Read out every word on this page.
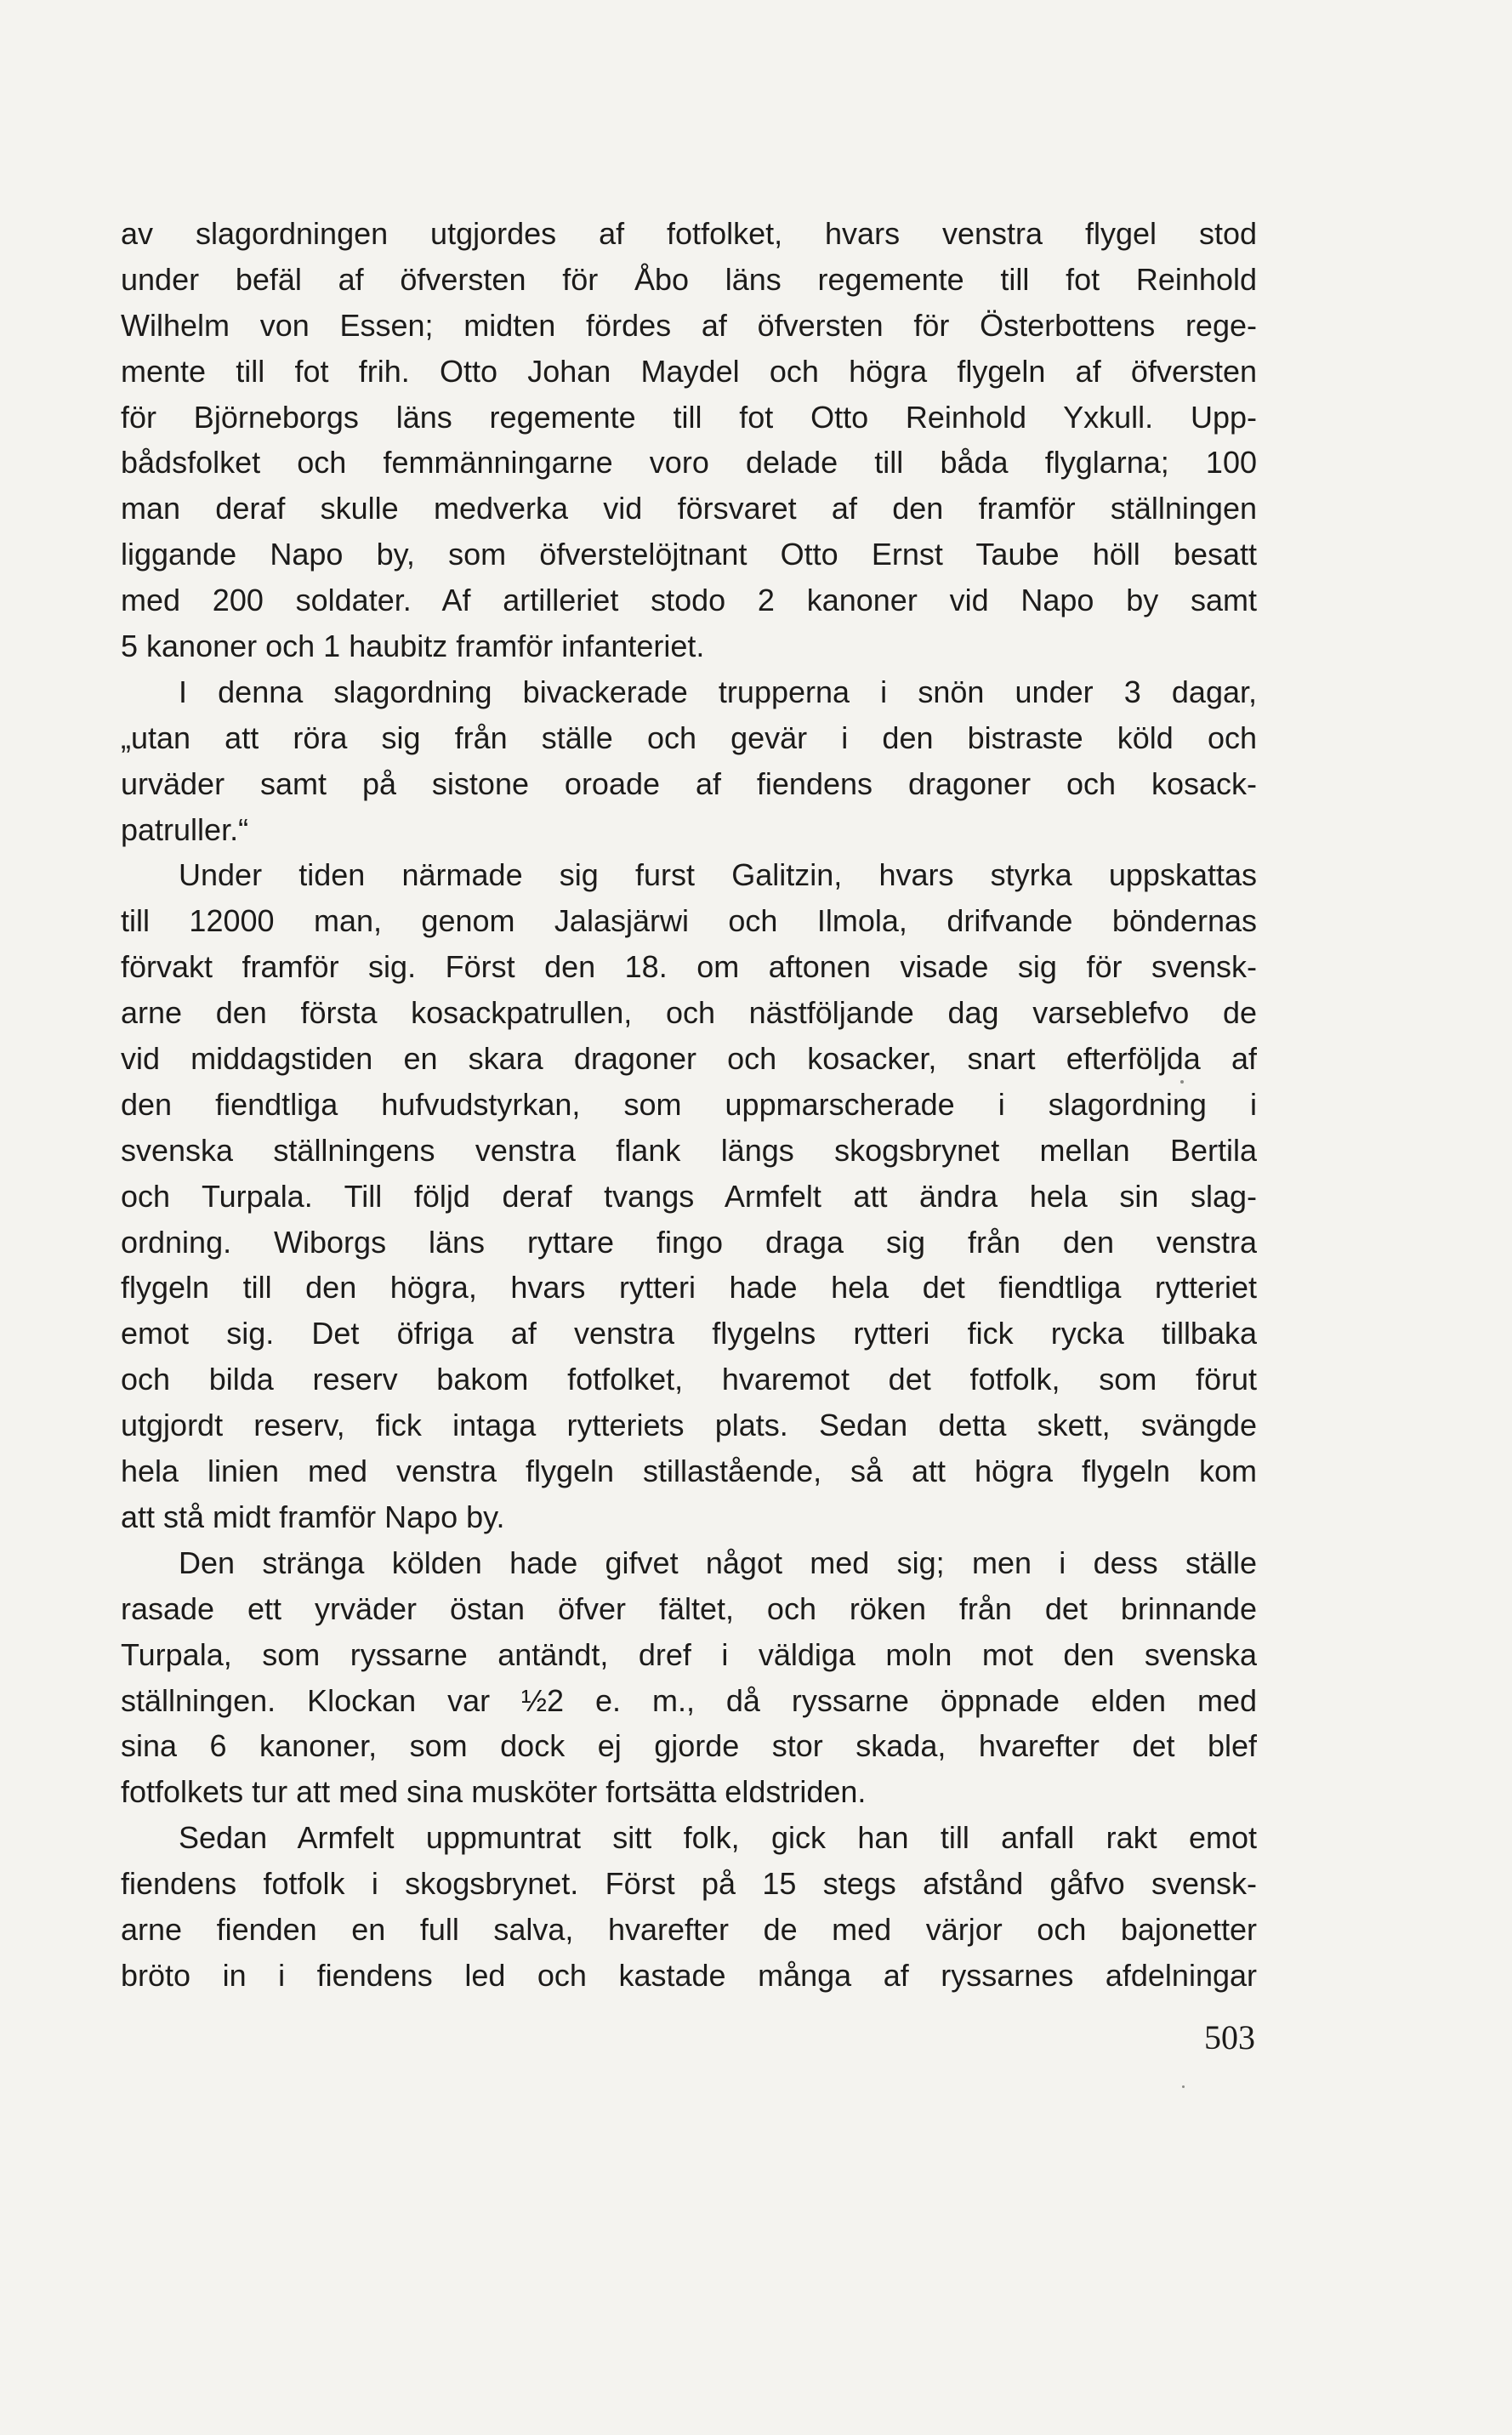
av slagordningen utgjordes af fotfolket, hvars venstra flygel stod
under befäl af öfversten för Åbo läns regemente till fot Reinhold
Wilhelm von Essen; midten fördes af öfversten för Österbottens rege-
mente till fot frih. Otto Johan Maydel och högra flygeln af öfversten
för Björneborgs läns regemente till fot Otto Reinhold Yxkull. Upp-
bådsfolket och femmänningarne voro delade till båda flyglarna; 100
man deraf skulle medverka vid försvaret af den framför ställningen
liggande Napo by, som öfverstelöjtnant Otto Ernst Taube höll besatt
med 200 soldater. Af artilleriet stodo 2 kanoner vid Napo by samt
5 kanoner och 1 haubitz framför infanteriet.
I denna slagordning bivackerade trupperna i snön under 3 dagar,
„utan att röra sig från ställe och gevär i den bistraste köld och
urväder samt på sistone oroade af fiendens dragoner och kosack-
patruller.“
Under tiden närmade sig furst Galitzin, hvars styrka uppskattas
till 12000 man, genom Jalasjärwi och Ilmola, drifvande böndernas
förvakt framför sig. Först den 18. om aftonen visade sig för svensk-
arne den första kosackpatrullen, och nästföljande dag varseblefvo de
vid middagstiden en skara dragoner och kosacker, snart efterföljda af
den fiendtliga hufvudstyrkan, som uppmarscherade i slagordning i
svenska ställningens venstra flank längs skogsbrynet mellan Bertila
och Turpala. Till följd deraf tvangs Armfelt att ändra hela sin slag-
ordning. Wiborgs läns ryttare fingo draga sig från den venstra
flygeln till den högra, hvars rytteri hade hela det fiendtliga rytteriet
emot sig. Det öfriga af venstra flygelns rytteri fick rycka tillbaka
och bilda reserv bakom fotfolket, hvaremot det fotfolk, som förut
utgjordt reserv, fick intaga rytteriets plats. Sedan detta skett, svängde
hela linien med venstra flygeln stillastående, så att högra flygeln kom
att stå midt framför Napo by.
Den stränga kölden hade gifvet något med sig; men i dess ställe
rasade ett yrväder östan öfver fältet, och röken från det brinnande
Turpala, som ryssarne antändt, dref i väldiga moln mot den svenska
ställningen. Klockan var ½2 e. m., då ryssarne öppnade elden med
sina 6 kanoner, som dock ej gjorde stor skada, hvarefter det blef
fotfolkets tur att med sina musköter fortsätta eldstriden.
Sedan Armfelt uppmuntrat sitt folk, gick han till anfall rakt emot
fiendens fotfolk i skogsbrynet. Först på 15 stegs afstånd gåfvo svensk-
arne fienden en full salva, hvarefter de med värjor och bajonetter
bröto in i fiendens led och kastade många af ryssarnes afdelningar
503
